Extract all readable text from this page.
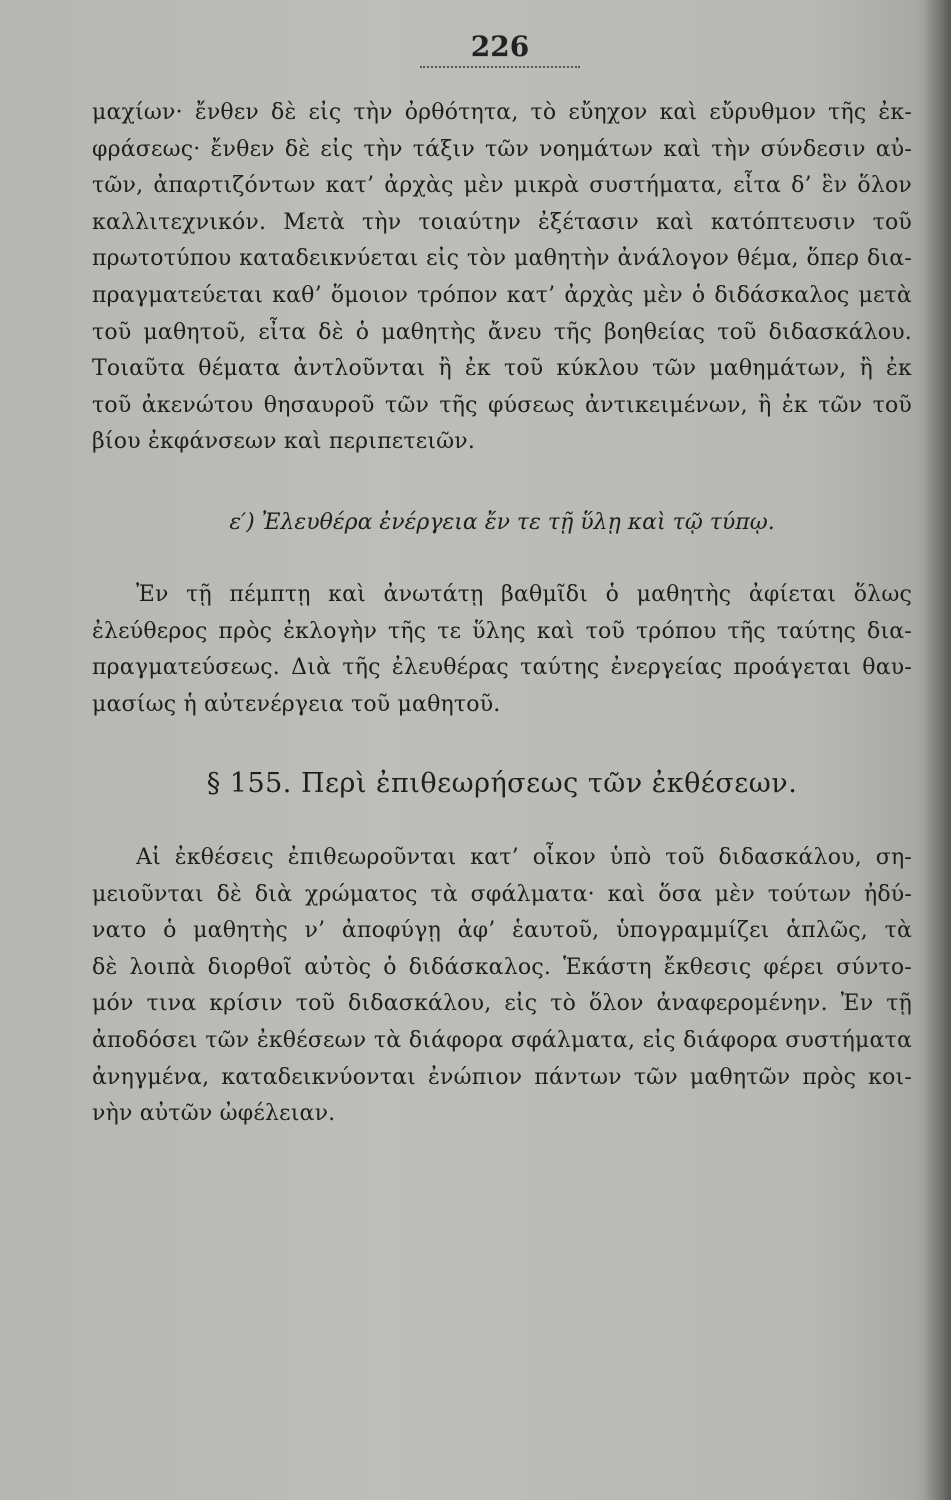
226
μαχίων· ἔνθεν δὲ εἰς τὴν ὀρθότητα, τὸ εὔηχον καὶ εὔρυθμον τῆς ἐκ-
φράσεως· ἔνθεν δὲ εἰς τὴν τάξιν τῶν νοημάτων καὶ τὴν σύνδεσιν αὐ-
τῶν, ἀπαρτιζόντων κατ’ ἀρχὰς μὲν μικρὰ συστήματα, εἶτα δ’ ἓν ὅλον
καλλιτεχνικόν. Μετὰ τὴν τοιαύτην ἐξέτασιν καὶ κατόπτευσιν τοῦ
πρωτοτύπου καταδεικνύεται εἰς τὸν μαθητὴν ἀνάλογον θέμα, ὅπερ δια-
πραγματεύεται καθ’ ὅμοιον τρόπον κατ’ ἀρχὰς μὲν ὁ διδάσκαλος μετὰ
τοῦ μαθητοῦ, εἶτα δὲ ὁ μαθητὴς ἄνευ τῆς βοηθείας τοῦ διδασκάλου.
Τοιαῦτα θέματα ἀντλοῦνται ἢ ἐκ τοῦ κύκλου τῶν μαθημάτων, ἢ ἐκ
τοῦ ἀκενώτου θησαυροῦ τῶν τῆς φύσεως ἀντικειμένων, ἢ ἐκ τῶν τοῦ
βίου ἐκφάνσεων καὶ περιπετειῶν.
ε′) Ἐλευθέρα ἐνέργεια ἔν τε τῇ ὕλῃ καὶ τῷ τύπῳ.
Ἐν τῇ πέμπτῃ καὶ ἀνωτάτῃ βαθμῖδι ὁ μαθητὴς ἀφίεται ὅλως
ἐλεύθερος πρὸς ἐκλογὴν τῆς τε ὕλης καὶ τοῦ τρόπου τῆς ταύτης δια-
πραγματεύσεως. Διὰ τῆς ἐλευθέρας ταύτης ἐνεργείας προάγεται θαυ-
μασίως ἡ αὐτενέργεια τοῦ μαθητοῦ.
§ 155. Περὶ ἐπιθεωρήσεως τῶν ἐκθέσεων.
Αἱ ἐκθέσεις ἐπιθεωροῦνται κατ’ οἶκον ὑπὸ τοῦ διδασκάλου, ση-
μειοῦνται δὲ διὰ χρώματος τὰ σφάλματα· καὶ ὅσα μὲν τούτων ἠδύ-
νατο ὁ μαθητὴς ν’ ἀποφύγῃ ἀφ’ ἑαυτοῦ, ὑπογραμμίζει ἁπλῶς, τὰ
δὲ λοιπὰ διορθοῖ αὐτὸς ὁ διδάσκαλος. Ἑκάστη ἔκθεσις φέρει σύντο-
μόν τινα κρίσιν τοῦ διδασκάλου, εἰς τὸ ὅλον ἀναφερομένην. Ἐν τῇ
ἀποδόσει τῶν ἐκθέσεων τὰ διάφορα σφάλματα, εἰς διάφορα συστήματα
ἀνηγμένα, καταδεικνύονται ἐνώπιον πάντων τῶν μαθητῶν πρὸς κοι-
νὴν αὐτῶν ὠφέλειαν.
